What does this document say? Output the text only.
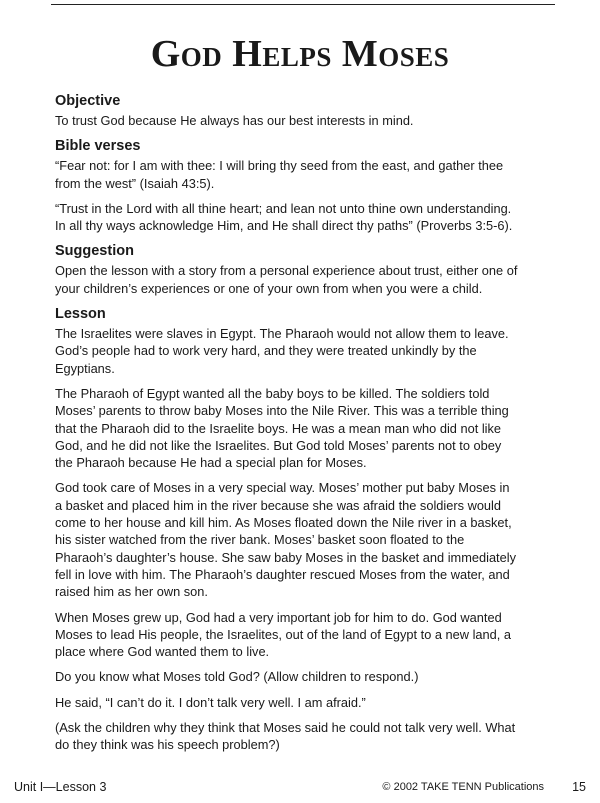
God Helps Moses
Objective

To trust God because He always has our best interests in mind.

Bible verses

“Fear not: for I am with thee: I will bring thy seed from the east, and gather thee from the west” (Isaiah 43:5).

“Trust in the Lord with all thine heart; and lean not unto thine own understanding. In all thy ways acknowledge Him, and He shall direct thy paths” (Proverbs 3:5-6).

Suggestion

Open the lesson with a story from a personal experience about trust, either one of your children’s experiences or one of your own from when you were a child.

Lesson

The Israelites were slaves in Egypt. The Pharaoh would not allow them to leave. God’s people had to work very hard, and they were treated unkindly by the Egyptians.

The Pharaoh of Egypt wanted all the baby boys to be killed. The soldiers told Moses’ parents to throw baby Moses into the Nile River. This was a terrible thing that the Pharaoh did to the Israelite boys. He was a mean man who did not like God, and he did not like the Israelites. But God told Moses’ parents not to obey the Pharaoh because He had a special plan for Moses.

God took care of Moses in a very special way. Moses’ mother put baby Moses in a basket and placed him in the river because she was afraid the soldiers would come to her house and kill him. As Moses floated down the Nile river in a basket, his sister watched from the river bank. Moses’ basket soon floated to the Pharaoh’s daughter’s house. She saw baby Moses in the basket and immediately fell in love with him. The Pharaoh’s daughter rescued Moses from the water, and raised him as her own son.

When Moses grew up, God had a very important job for him to do. God wanted Moses to lead His people, the Israelites, out of the land of Egypt to a new land, a place where God wanted them to live.

Do you know what Moses told God? (Allow children to respond.)

He said, “I can’t do it. I don’t talk very well. I am afraid.”

(Ask the children why they think that Moses said he could not talk very well. What do they think was his speech problem?)

Unit I—Lesson 3	© 2002 TAKE TENN Publications 15
